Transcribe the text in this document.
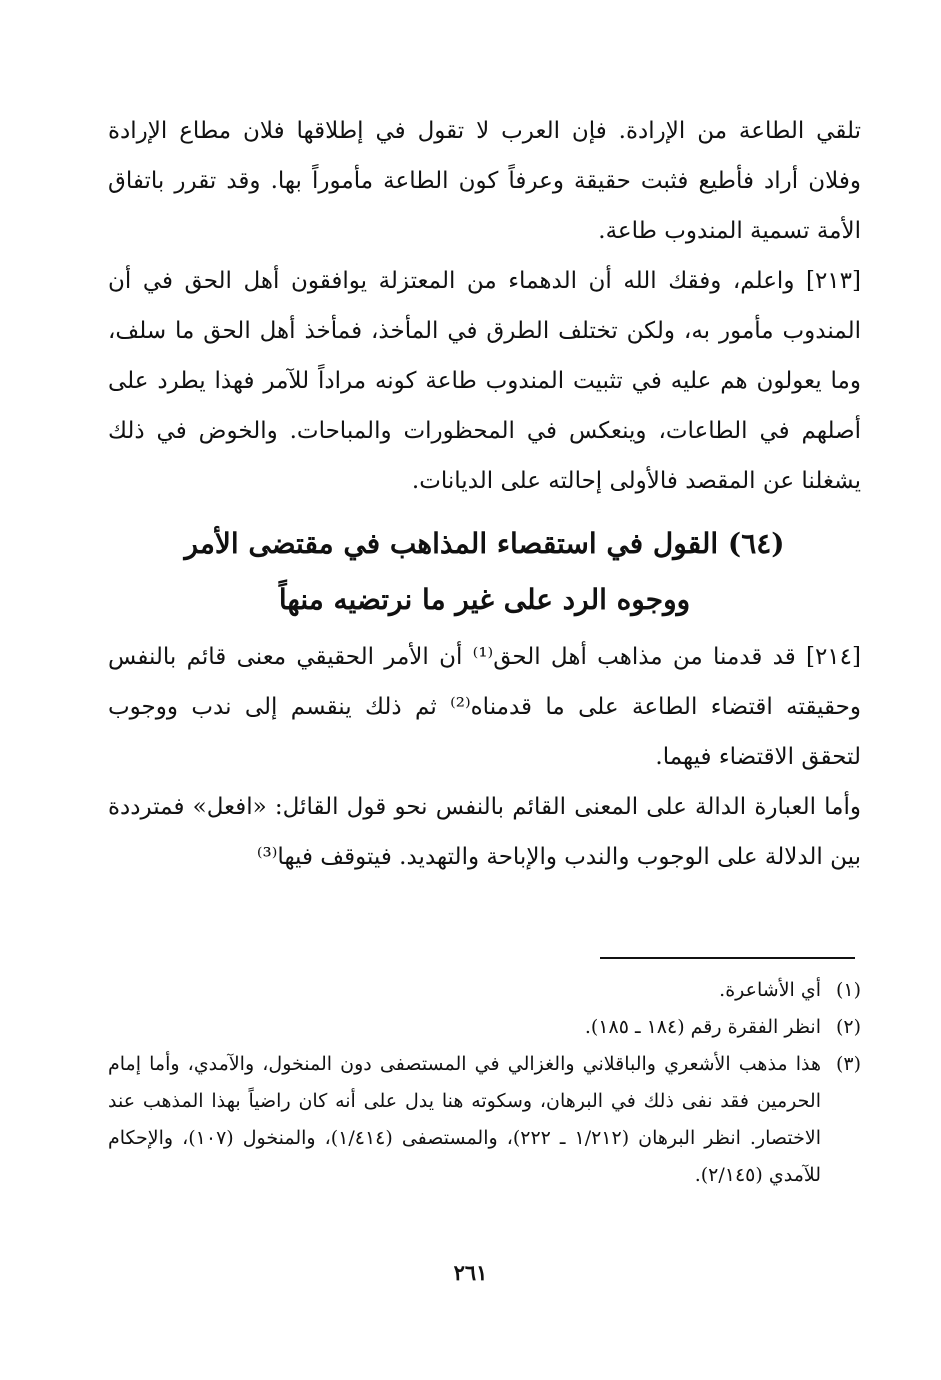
تلقي الطاعة من الإرادة. فإن العرب لا تقول في إطلاقها فلان مطاع الإرادة وفلان أراد فأطيع فثبت حقيقة وعرفاً كون الطاعة مأموراً بها. وقد تقرر باتفاق الأمة تسمية المندوب طاعة.

[٢١٣] واعلم، وفقك الله أن الدهماء من المعتزلة يوافقون أهل الحق في أن المندوب مأمور به، ولكن تختلف الطرق في المأخذ، فمأخذ أهل الحق ما سلف، وما يعولون هم عليه في تثبيت المندوب طاعة كونه مراداً للآمر فهذا يطرد على أصلهم في الطاعات، وينعكس في المحظورات والمباحات. والخوض في ذلك يشغلنا عن المقصد فالأولى إحالته على الديانات.

(٦٤) القول في استقصاء المذاهب في مقتضى الأمر
ووجوه الرد على غير ما نرتضيه منهاً

[٢١٤] قد قدمنا من مذاهب أهل الحق⁽¹⁾ أن الأمر الحقيقي معنى قائم بالنفس وحقيقته اقتضاء الطاعة على ما قدمناه⁽²⁾ ثم ذلك ينقسم إلى ندب ووجوب لتحقق الاقتضاء فيهما.

وأما العبارة الدالة على المعنى القائم بالنفس نحو قول القائل: «افعل» فمترددة بين الدلالة على الوجوب والندب والإباحة والتهديد. فيتوقف فيها⁽³⁾

(١)
أي الأشاعرة.
(٢)
انظر الفقرة رقم (١٨٤ ـ ١٨٥).
(٣)
هذا مذهب الأشعري والباقلاني والغزالي في المستصفى دون المنخول، والآمدي، وأما إمام الحرمين فقد نفى ذلك في البرهان، وسكوته هنا يدل على أنه كان راضياً بهذا المذهب عند الاختصار. انظر البرهان (١/٢١٢ ـ ٢٢٢)، والمستصفى (١/٤١٤)، والمنخول (١٠٧)، والإحكام للآمدي (٢/١٤٥).
٢٦١
